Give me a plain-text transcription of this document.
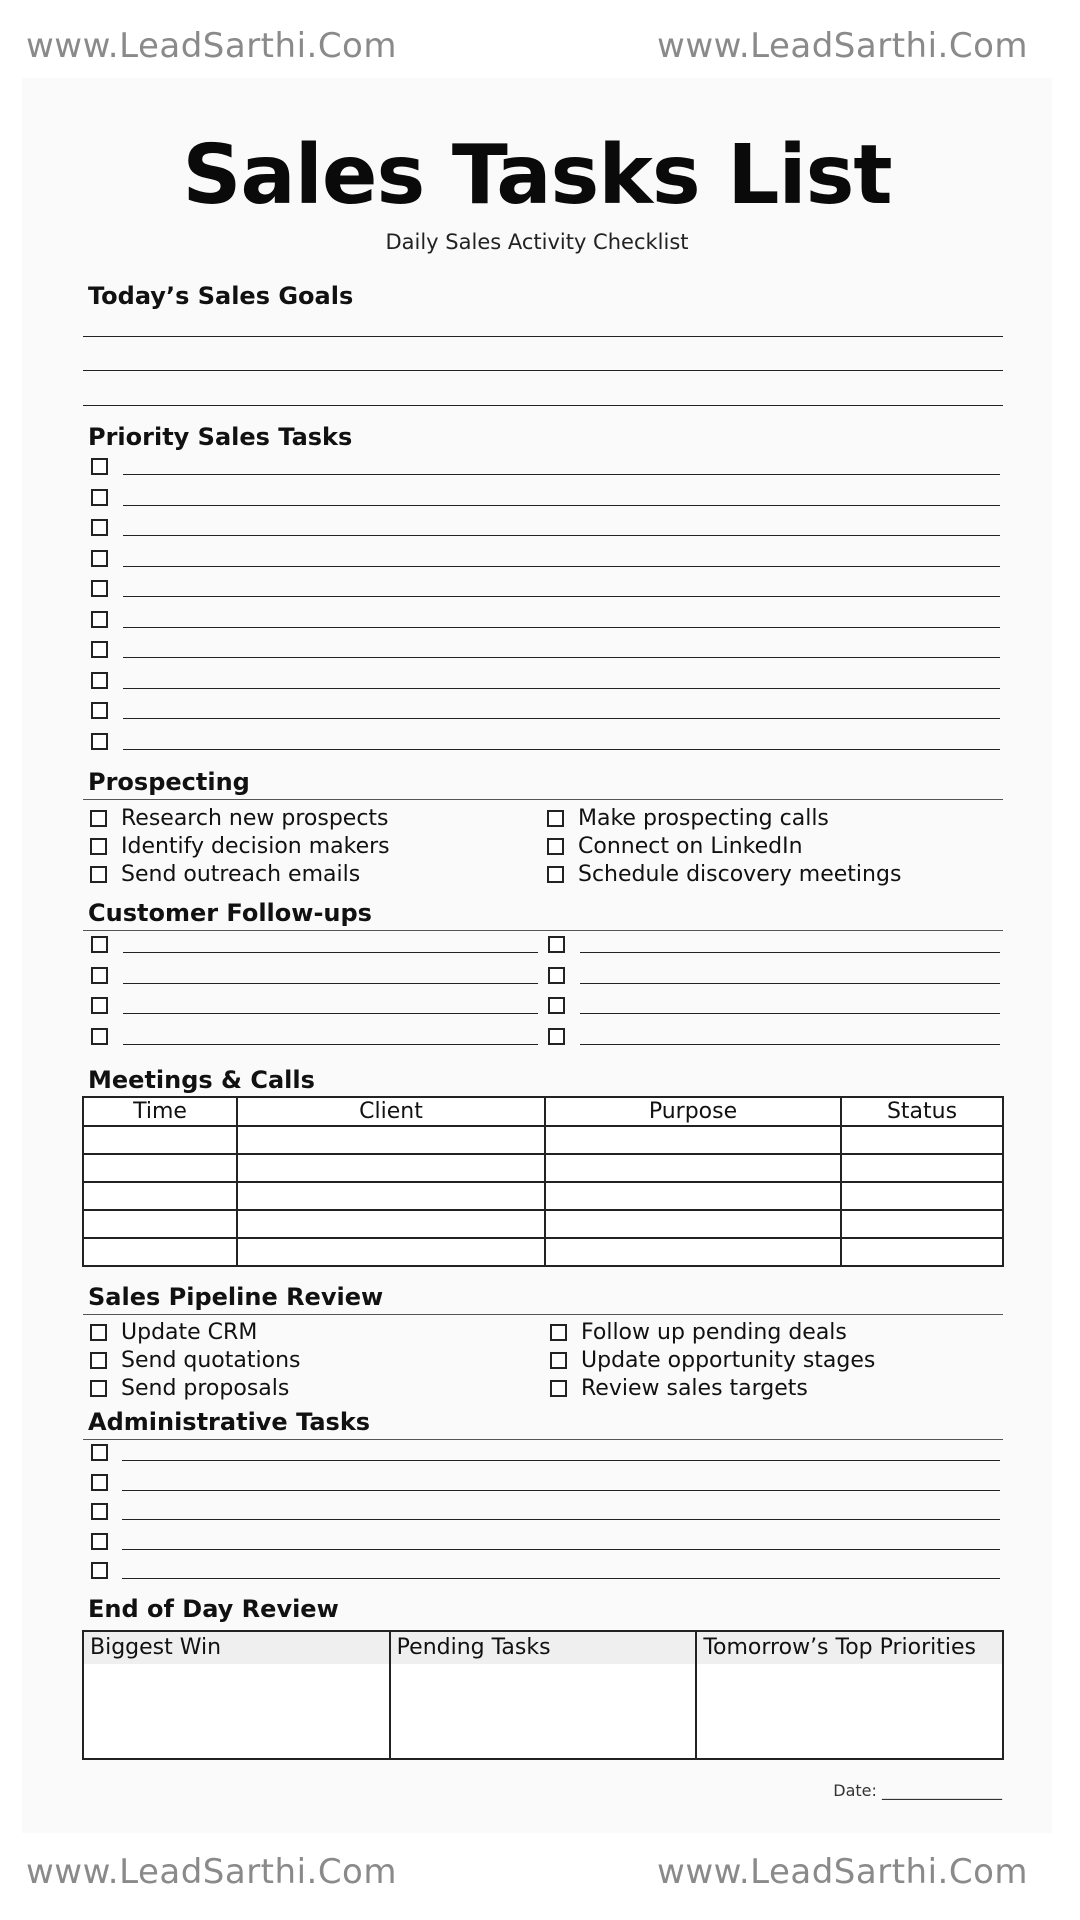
www.LeadSarthi.Com	www.LeadSarthi.Com
Sales Tasks List
Daily Sales Activity Checklist
Today’s Sales Goals
Priority Sales Tasks
Prospecting
Research new prospects
Identify decision makers
Send outreach emails
Make prospecting calls
Connect on LinkedIn
Schedule discovery meetings
Customer Follow-ups
Meetings & Calls
Time	Client	Purpose	Status

Sales Pipeline Review
Update CRM
Send quotations
Send proposals
Follow up pending deals
Update opportunity stages
Review sales targets
Administrative Tasks
End of Day Review
Biggest Win	Pending Tasks	Tomorrow’s Top Priorities
Date: _______________
www.LeadSarthi.Com	www.LeadSarthi.Com
